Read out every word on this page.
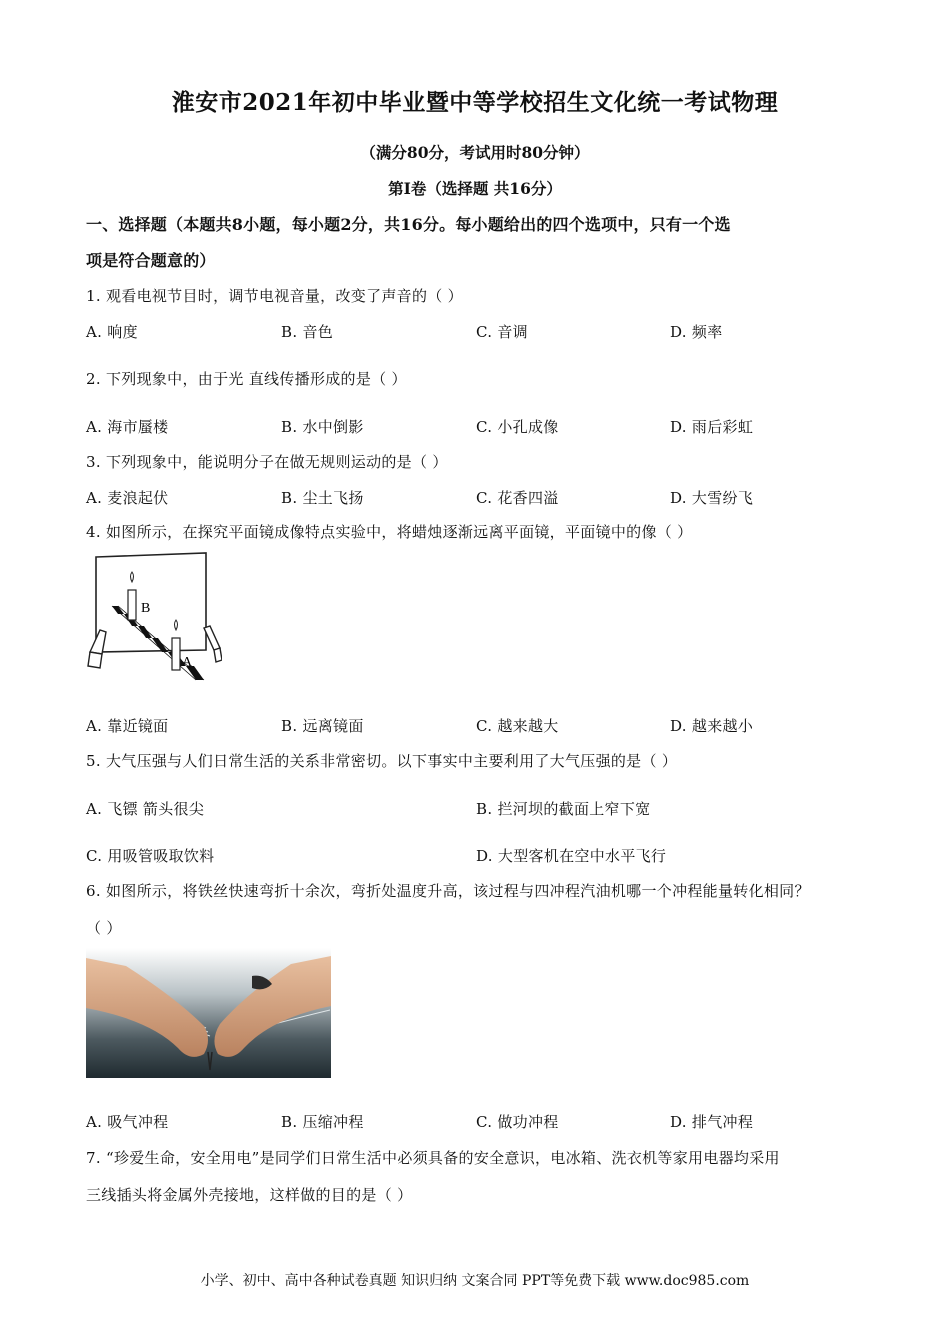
淮安市2021年初中毕业暨中等学校招生文化统一考试物理
（满分80分，考试用时80分钟）
第Ⅰ卷（选择题 共16分）
一、选择题（本题共8小题，每小题2分，共16分。每小题给出的四个选项中，只有一个选
项是符合题意的）
1. 观看电视节目时，调节电视音量，改变了声音的（ ）
A. 响度	B. 音色	C. 音调	D. 频率
2. 下列现象中，由于光 直线传播形成的是（ ）
A. 海市蜃楼	B. 水中倒影	C. 小孔成像	D. 雨后彩虹
3. 下列现象中，能说明分子在做无规则运动的是（ ）
A. 麦浪起伏	B. 尘土飞扬	C. 花香四溢	D. 大雪纷飞
4. 如图所示，在探究平面镜成像特点实验中，将蜡烛逐渐远离平面镜，平面镜中的像（ ）
B
A
A. 靠近镜面	B. 远离镜面	C. 越来越大	D. 越来越小
5. 大气压强与人们日常生活的关系非常密切。以下事实中主要利用了大气压强的是（ ）
A. 飞镖 箭头很尖	B. 拦河坝的截面上窄下宽
C. 用吸管吸取饮料	D. 大型客机在空中水平飞行
6. 如图所示，将铁丝快速弯折十余次，弯折处温度升高，该过程与四冲程汽油机哪一个冲程能量转化相同？
（ ）
A. 吸气冲程	B. 压缩冲程	C. 做功冲程	D. 排气冲程
7. “珍爱生命，安全用电”是同学们日常生活中必须具备的安全意识，电冰箱、洗衣机等家用电器均采用
三线插头将金属外壳接地，这样做的目的是（ ）
小学、初中、高中各种试卷真题 知识归纳 文案合同 PPT等免费下载 www.doc985.com
